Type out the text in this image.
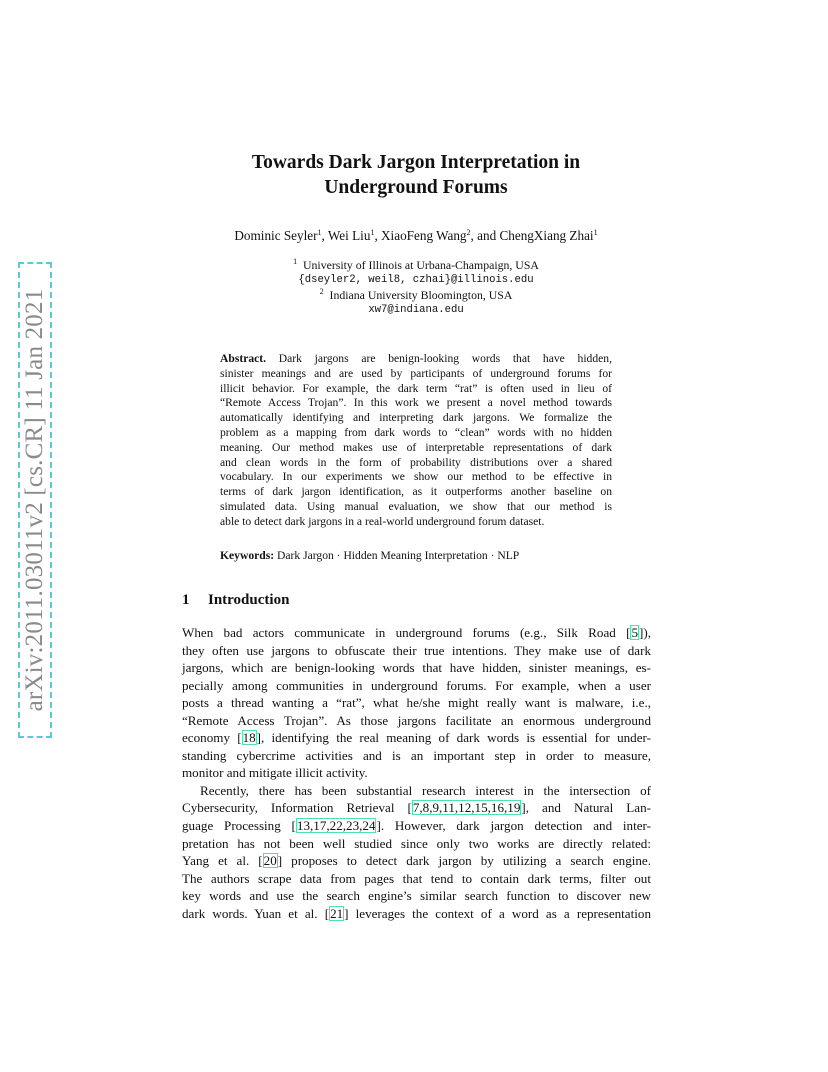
arXiv:2011.03011v2 [cs.CR] 11 Jan 2021
Towards Dark Jargon Interpretation in
Underground Forums
Dominic Seyler$^1$, Wei Liu$^1$, XiaoFeng Wang$^2$, and ChengXiang Zhai$^1$
$^1$ University of Illinois at Urbana-Champaign, USA
{dseyler2, weil8, czhai}@illinois.edu
$^2$ Indiana University Bloomington, USA
xw7@indiana.edu
Abstract. Dark jargons are benign-looking words that have hidden,
sinister meanings and are used by participants of underground forums for
illicit behavior. For example, the dark term “rat” is often used in lieu of
“Remote Access Trojan”. In this work we present a novel method towards
automatically identifying and interpreting dark jargons. We formalize the
problem as a mapping from dark words to “clean” words with no hidden
meaning. Our method makes use of interpretable representations of dark
and clean words in the form of probability distributions over a shared
vocabulary. In our experiments we show our method to be effective in
terms of dark jargon identification, as it outperforms another baseline on
simulated data. Using manual evaluation, we show that our method is
able to detect dark jargons in a real-world underground forum dataset.
Keywords: Dark Jargon · Hidden Meaning Interpretation · NLP
1 Introduction
When bad actors communicate in underground forums (e.g., Silk Road [5]),
they often use jargons to obfuscate their true intentions. They make use of dark
jargons, which are benign-looking words that have hidden, sinister meanings, es-
pecially among communities in underground forums. For example, when a user
posts a thread wanting a “rat”, what he/she might really want is malware, i.e.,
“Remote Access Trojan”. As those jargons facilitate an enormous underground
economy [18], identifying the real meaning of dark words is essential for under-
standing cybercrime activities and is an important step in order to measure,
monitor and mitigate illicit activity.
Recently, there has been substantial research interest in the intersection of
Cybersecurity, Information Retrieval [7,8,9,11,12,15,16,19], and Natural Lan-
guage Processing [13,17,22,23,24]. However, dark jargon detection and inter-
pretation has not been well studied since only two works are directly related:
Yang et al. [20] proposes to detect dark jargon by utilizing a search engine.
The authors scrape data from pages that tend to contain dark terms, filter out
key words and use the search engine’s similar search function to discover new
dark words. Yuan et al. [21] leverages the context of a word as a representation
